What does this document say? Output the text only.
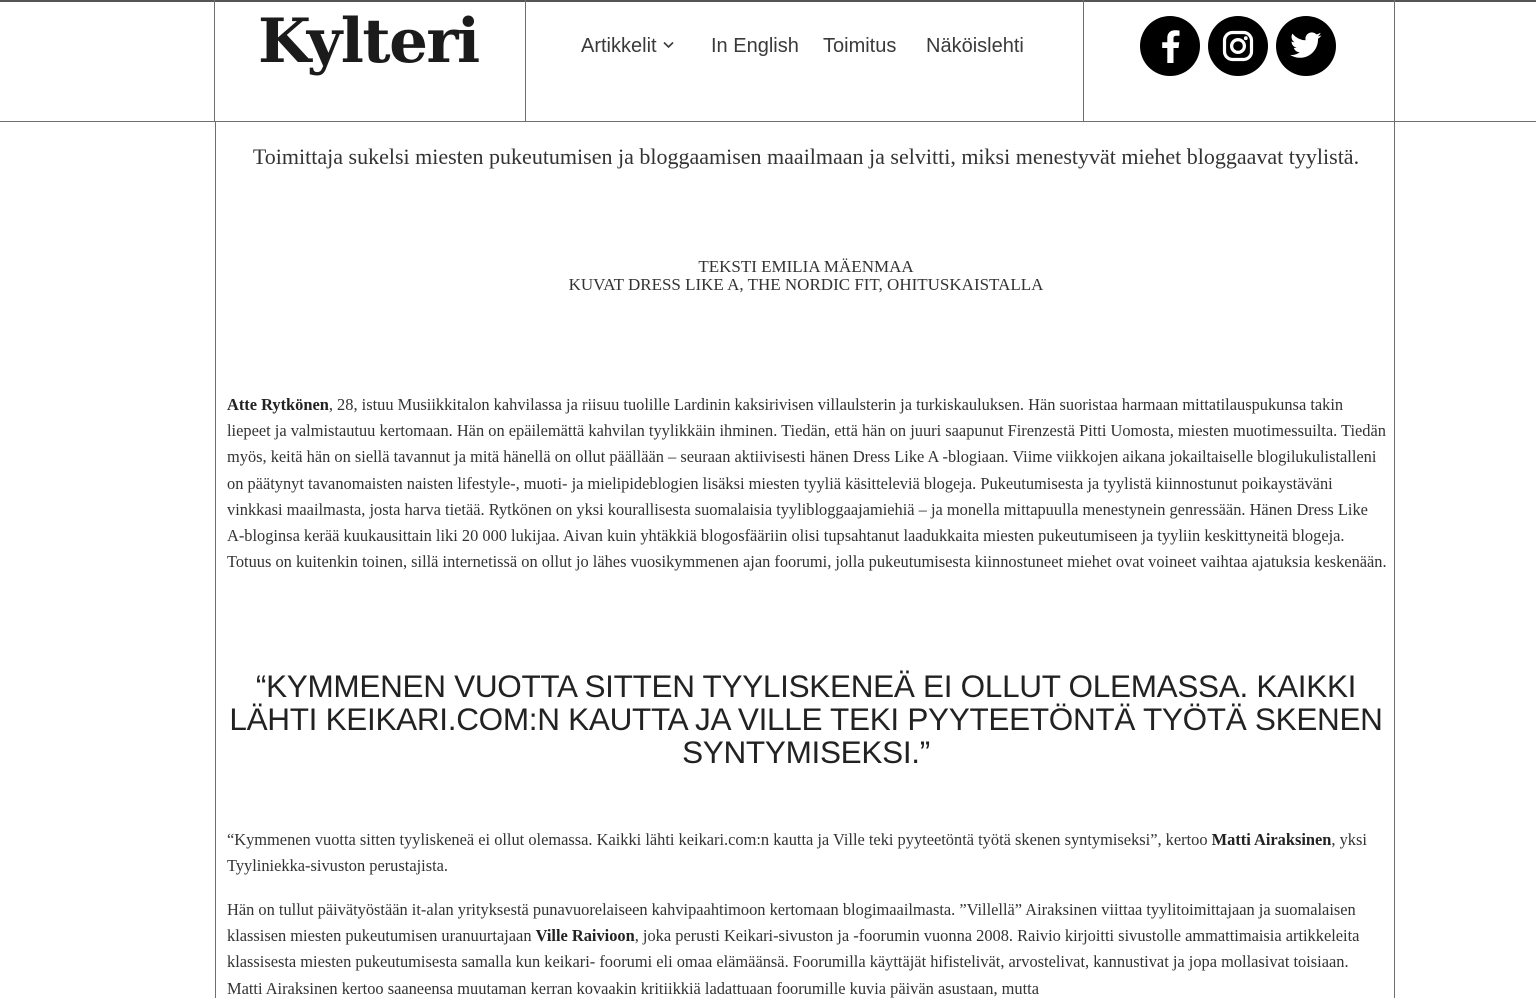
Kylteri	Artikkelit	In English Toimitus Näköislehti

Toimittaja sukelsi miesten pukeutumisen ja bloggaamisen maailmaan ja selvitti, miksi menestyvät miehet bloggaavat tyylistä.

TEKSTI EMILIA MÄENMAA
KUVAT DRESS LIKE A, THE NORDIC FIT, OHITUSKAISTALLA

Atte Rytkönen, 28, istuu Musiikkitalon kahvilassa ja riisuu tuolille Lardinin kaksirivisen villaulsterin ja turkiskauluksen. Hän suoristaa harmaan mittatilauspukunsa takin liepeet ja valmistautuu kertomaan. Hän on epäilemättä kahvilan tyylikkäin ihminen. Tiedän, että hän on juuri saapunut Firenzestä Pitti Uomosta, miesten muotimessuilta. Tiedän myös, keitä hän on siellä tavannut ja mitä hänellä on ollut päällään – seuraan aktiivisesti hänen Dress Like A -blogiaan. Viime viikkojen aikana jokailtaiselle blogilukulistalleni on päätynyt tavanomaisten naisten lifestyle-, muoti- ja mielipideblogien lisäksi miesten tyyliä käsitteleviä blogeja. Pukeutumisesta ja tyylistä kiinnostunut poikaystäväni vinkkasi maailmasta, josta harva tietää. Rytkönen on yksi kourallisesta suomalaisia tyylibloggaajamiehiä – ja monella mittapuulla menestynein genressään. Hänen Dress Like A-bloginsa kerää kuukausittain liki 20 000 lukijaa. Aivan kuin yhtäkkiä blogosfääriin olisi tupsahtanut laadukkaita miesten pukeutumiseen ja tyyliin keskittyneitä blogeja. Totuus on kuitenkin toinen, sillä internetissä on ollut jo lähes vuosikymmenen ajan foorumi, jolla pukeutumisesta kiinnostuneet miehet ovat voineet vaihtaa ajatuksia keskenään.

“KYMMENEN VUOTTA SITTEN TYYLISKENEÄ EI OLLUT OLEMASSA. KAIKKI LÄHTI KEIKARI.COM:N KAUTTA JA VILLE TEKI PYYTEETÖNTÄ TYÖTÄ SKENEN SYNTYMISEKSI.”

“Kymmenen vuotta sitten tyyliskeneä ei ollut olemassa. Kaikki lähti keikari.com:n kautta ja Ville teki pyyteetöntä työtä skenen syntymiseksi”, kertoo Matti Airaksinen, yksi Tyyliniekka-sivuston perustajista.

Hän on tullut päivätyöstään it-alan yrityksestä punavuorelaiseen kahvipaahtimoon kertomaan blogimaailmasta. ”Villellä” Airaksinen viittaa tyylitoimittajaan ja suomalaisen klassisen miesten pukeutumisen uranuurtajaan Ville Raivioon, joka perusti Keikari-sivuston ja -foorumin vuonna 2008. Raivio kirjoitti sivustolle ammattimaisia artikkeleita klassisesta miesten pukeutumisesta samalla kun keikari- foorumi eli omaa elämäänsä. Foorumilla käyttäjät hifistelivät, arvostelivat, kannustivat ja jopa mollasivat toisiaan. Matti Airaksinen kertoo saaneensa muutaman kerran kovaakin kritiikkiä ladattuaan foorumille kuvia päivän asustaan, mutta
